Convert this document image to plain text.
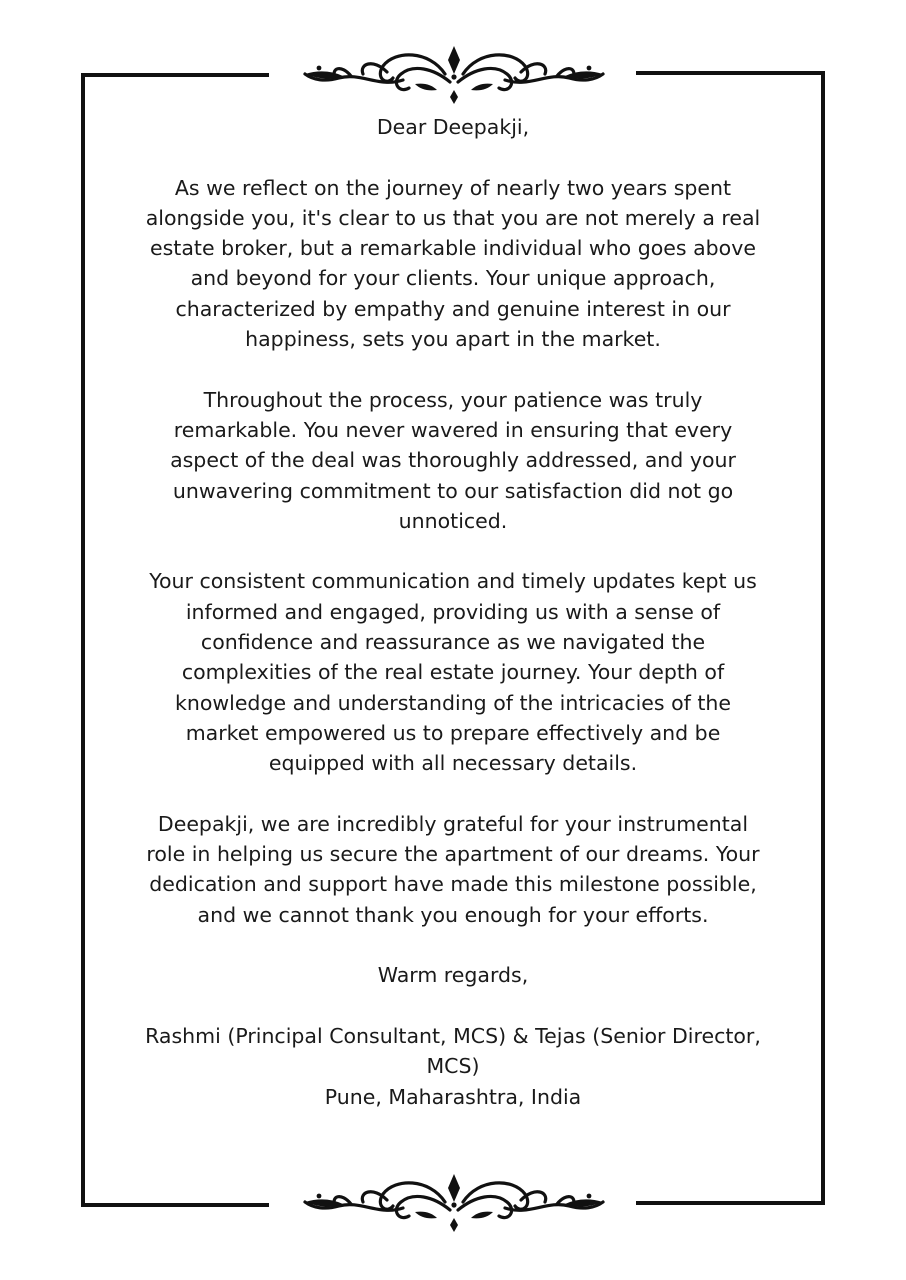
Dear Deepakji,

As we reflect on the journey of nearly two years spent alongside you, it's clear to us that you are not merely a real estate broker, but a remarkable individual who goes above and beyond for your clients. Your unique approach, characterized by empathy and genuine interest in our happiness, sets you apart in the market.

Throughout the process, your patience was truly remarkable. You never wavered in ensuring that every aspect of the deal was thoroughly addressed, and your unwavering commitment to our satisfaction did not go unnoticed.

Your consistent communication and timely updates kept us informed and engaged, providing us with a sense of confidence and reassurance as we navigated the complexities of the real estate journey. Your depth of knowledge and understanding of the intricacies of the market empowered us to prepare effectively and be equipped with all necessary details.

Deepakji, we are incredibly grateful for your instrumental role in helping us secure the apartment of our dreams. Your dedication and support have made this milestone possible, and we cannot thank you enough for your efforts.

Warm regards,

Rashmi (Principal Consultant, MCS) & Tejas (Senior Director, MCS)
Pune, Maharashtra, India
